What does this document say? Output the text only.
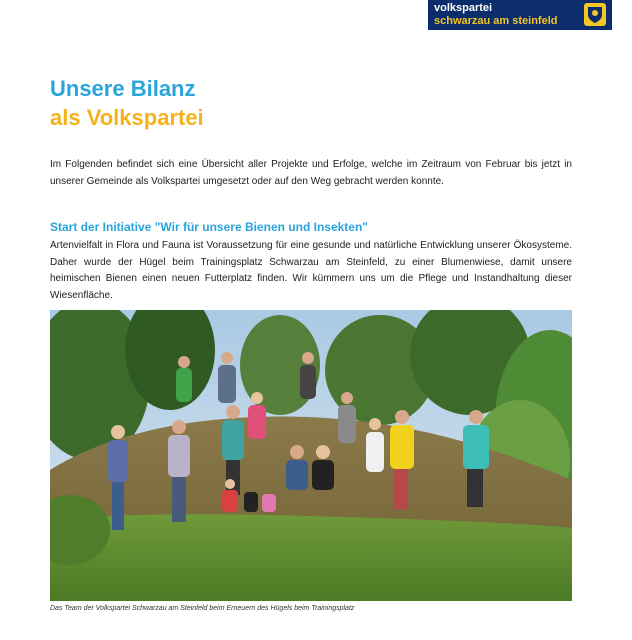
volkspartei
schwarzau am steinfeld
Unsere Bilanz
als Volkspartei
Im Folgenden befindet sich eine Übersicht aller Projekte und Erfolge, welche im Zeitraum von Februar bis jetzt in unserer Gemeinde als Volkspartei umgesetzt oder auf den Weg gebracht werden konnte.
Start der Initiative "Wir für unsere Bienen und Insekten"
Artenvielfalt in Flora und Fauna ist Voraussetzung für eine gesunde und natürliche Entwicklung unserer Ökosysteme. Daher wurde der Hügel beim Trainingsplatz Schwarzau am Steinfeld, zu einer Blumenwiese, damit unsere heimischen Bienen einen neuen Futterplatz finden. Wir kümmern uns um die Pflege und Instandhaltung dieser Wiesenfläche.
Das Team der Volkspartei Schwarzau am Steinfeld beim Erneuern des Hügels beim Trainingsplatz
